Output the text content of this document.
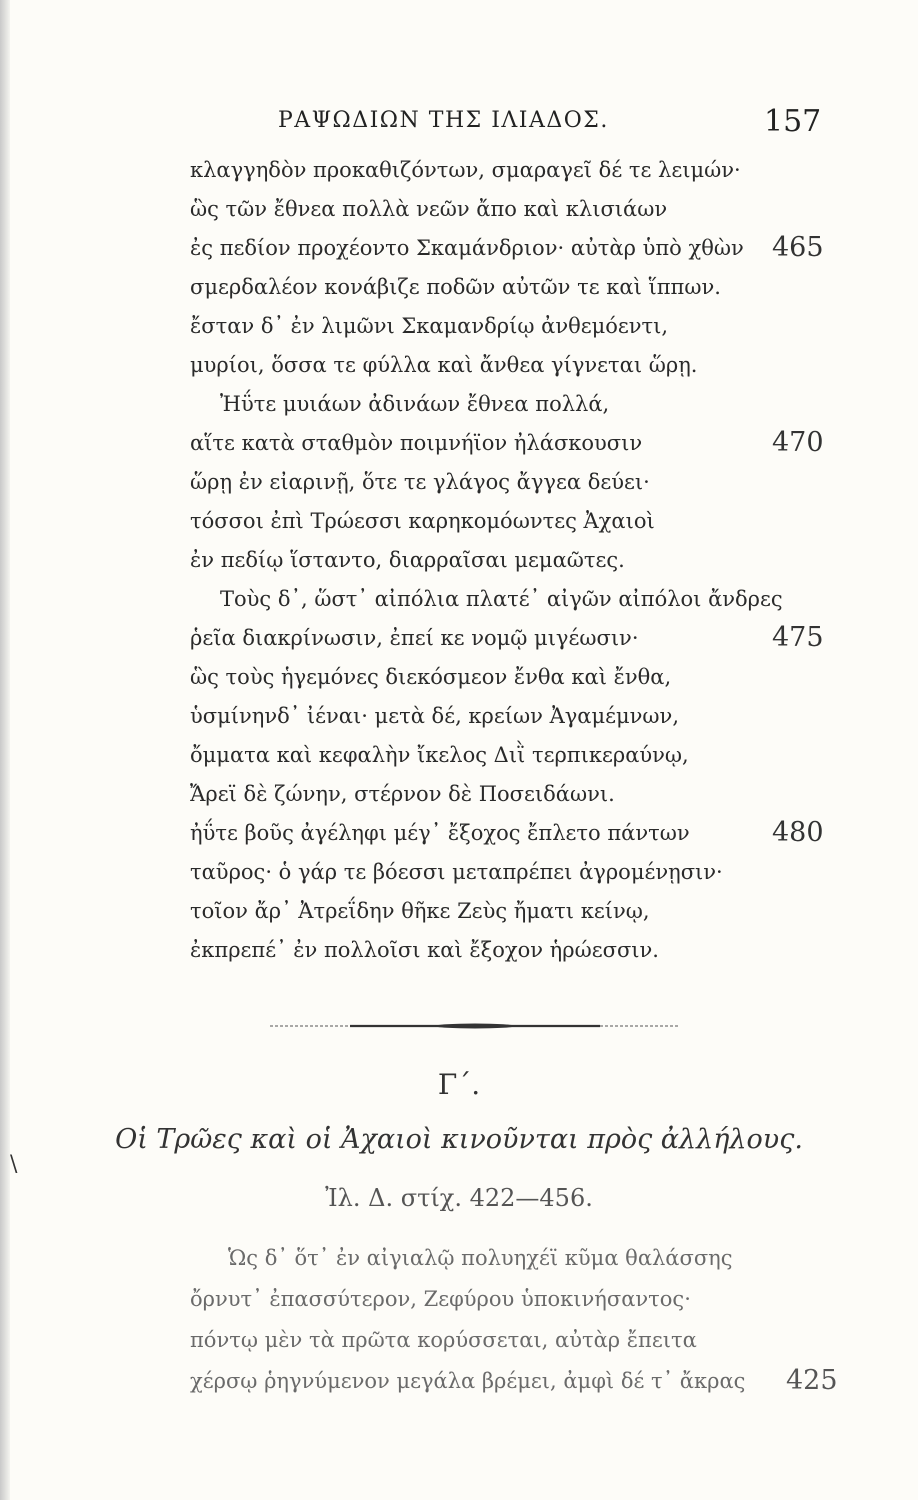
ΡΑΨΩΔΙΩΝ ΤΗΣ ΙΛΙΑΔΟΣ.	157
κλαγγηδὸν προκαθιζόντων, σμαραγεῖ δέ τε λειμών·
ὣς τῶν ἔθνεα πολλὰ νεῶν ἄπο καὶ κλισιάων
ἐς πεδίον προχέοντο Σκαμάνδριον· αὐτὰρ ὑπὸ χθὼν 465
σμερδαλέον κονάβιζε ποδῶν αὐτῶν τε καὶ ἵππων.
ἔσταν δ᾽ ἐν λιμῶνι Σκαμανδρίῳ ἀνθεμόεντι,
μυρίοι, ὅσσα τε φύλλα καὶ ἄνθεα γίγνεται ὥρῃ.
Ἠΰτε μυιάων ἀδινάων ἔθνεα πολλά,
αἵτε κατὰ σταθμὸν ποιμνήϊον ἠλάσκουσιν	470
ὥρῃ ἐν εἰαρινῇ, ὅτε τε γλάγος ἄγγεα δεύει·
τόσσοι ἐπὶ Τρώεσσι καρηκομόωντες Ἀχαιοὶ
ἐν πεδίῳ ἵσταντο, διαρραῖσαι μεμαῶτες.
Τοὺς δ᾽, ὥστ᾽ αἰπόλια πλατέ᾽ αἰγῶν αἰπόλοι ἄνδρες
ῥεῖα διακρίνωσιν, ἐπεί κε νομῷ μιγέωσιν·	475
ὣς τοὺς ἡγεμόνες διεκόσμεον ἔνθα καὶ ἔνθα,
ὑσμίνηνδ᾽ ἰέναι· μετὰ δέ, κρείων Ἀγαμέμνων,
ὄμματα καὶ κεφαλὴν ἴκελος Διῒ τερπικεραύνῳ,
Ἄρεϊ δὲ ζώνην, στέρνον δὲ Ποσειδάωνι.
ἠΰτε βοῦς ἀγέληφι μέγ᾽ ἔξοχος ἔπλετο πάντων	480
ταῦρος· ὁ γάρ τε βόεσσι μεταπρέπει ἀγρομένῃσιν·
τοῖον ἄρ᾽ Ἀτρεΐδην θῆκε Ζεὺς ἤματι κείνῳ,
ἐκπρεπέ᾽ ἐν πολλοῖσι καὶ ἔξοχον ἡρώεσσιν.
Γ΄.
Οἱ Τρῶες καὶ οἱ Ἀχαιοὶ κινοῦνται πρὸς ἀλλήλους.
\
Ἰλ. Δ. στίχ. 422—456.
Ὡς δ᾽ ὅτ᾽ ἐν αἰγιαλῷ πολυηχέϊ κῦμα θαλάσσης
ὄρνυτ᾽ ἐπασσύτερον, Ζεφύρου ὑποκινήσαντος·
πόντῳ μὲν τὰ πρῶτα κορύσσεται, αὐτὰρ ἔπειτα
χέρσῳ ῥηγνύμενον μεγάλα βρέμει, ἀμφὶ δέ τ᾽ ἄκρας 425
